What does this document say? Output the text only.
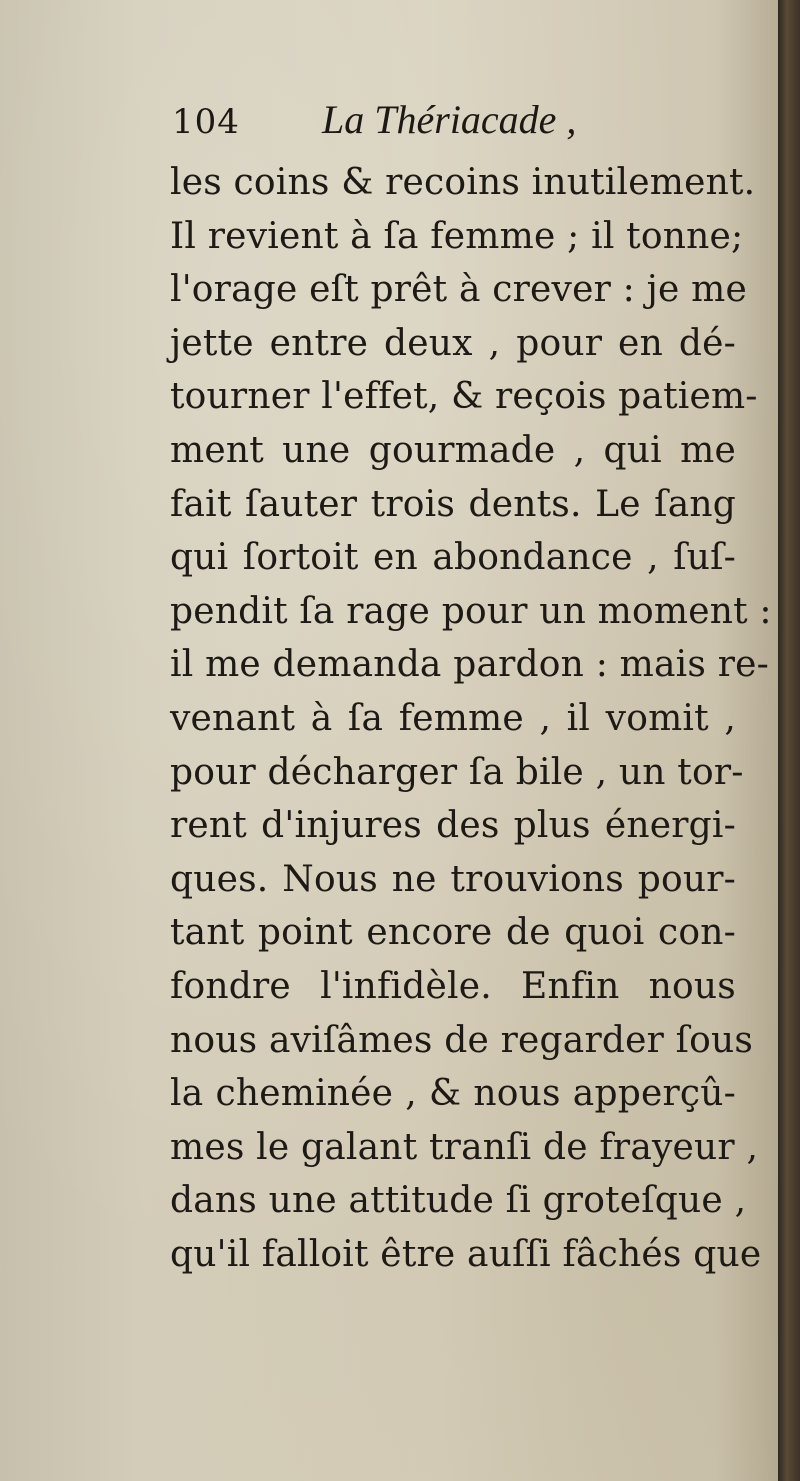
104 La Thériacade ,
les coins & recoins inutilement.
Il revient à ſa femme ; il tonne;
l'orage eſt prêt à crever : je me
jette entre deux , pour en dé-
tourner l'effet, & reçois patiem-
ment une gourmade , qui me
fait ſauter trois dents. Le ſang
qui ſortoit en abondance , ſuſ-
pendit ſa rage pour un moment :
il me demanda pardon : mais re-
venant à ſa femme , il vomit ,
pour décharger ſa bile , un tor-
rent d'injures des plus énergi-
ques. Nous ne trouvions pour-
tant point encore de quoi con-
fondre l'infidèle. Enfin nous
nous aviſâmes de regarder ſous
la cheminée , & nous apperçû-
mes le galant tranſi de frayeur ,
dans une attitude ſi groteſque ,
qu'il falloit être auſſi fâchés que
